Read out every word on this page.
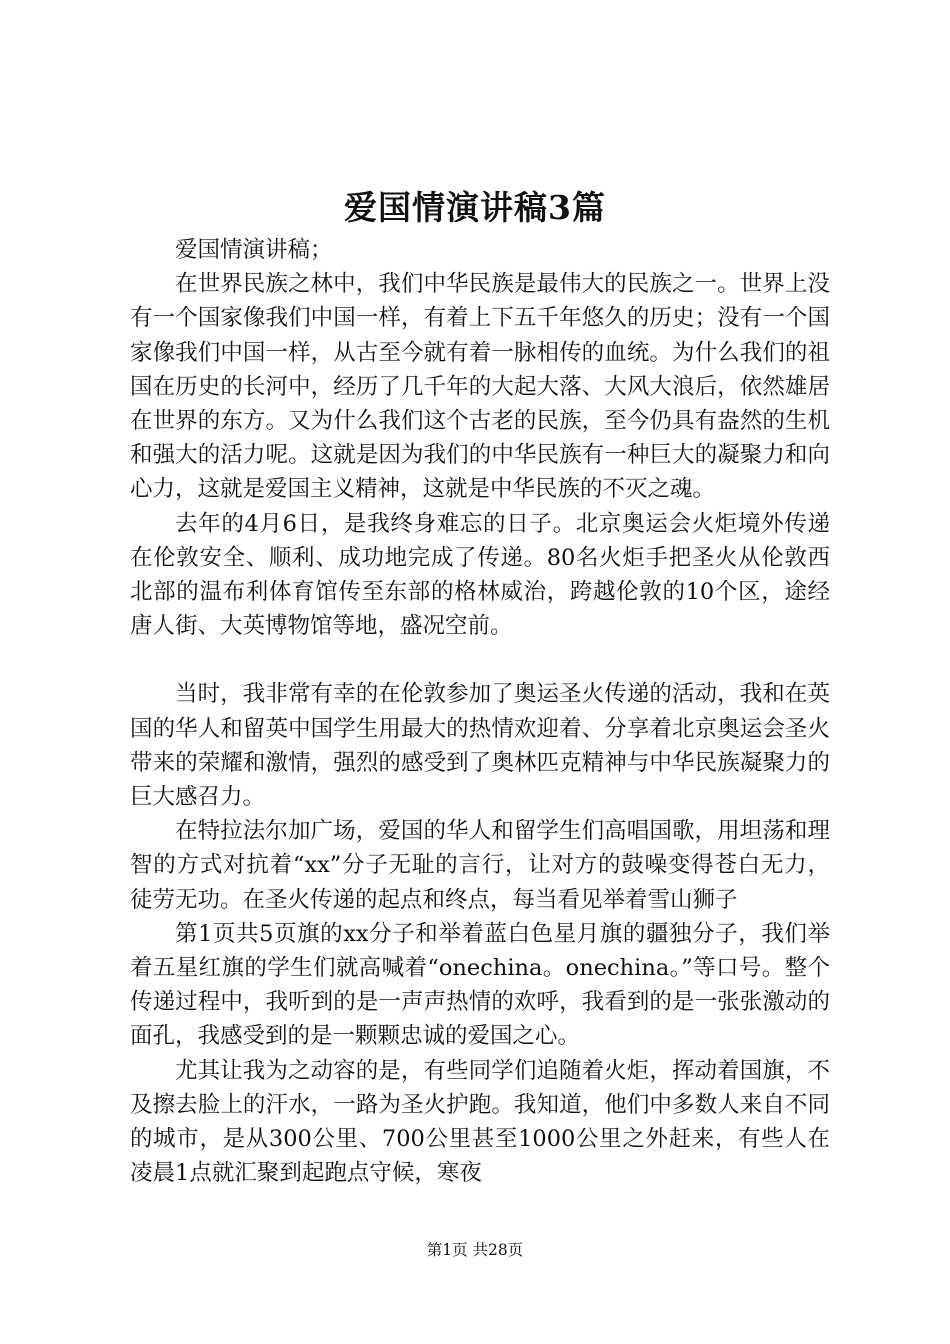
爱国情演讲稿3篇

爱国情演讲稿；

在世界民族之林中，我们中华民族是最伟大的民族之一。世界上没有一个国家像我们中国一样，有着上下五千年悠久的历史；没有一个国家像我们中国一样，从古至今就有着一脉相传的血统。为什么我们的祖国在历史的长河中，经历了几千年的大起大落、大风大浪后，依然雄居在世界的东方。又为什么我们这个古老的民族，至今仍具有盎然的生机和强大的活力呢。这就是因为我们的中华民族有一种巨大的凝聚力和向心力，这就是爱国主义精神，这就是中华民族的不灭之魂。

去年的4月6日，是我终身难忘的日子。北京奥运会火炬境外传递在伦敦安全、顺利、成功地完成了传递。80名火炬手把圣火从伦敦西北部的温布利体育馆传至东部的格林威治，跨越伦敦的10个区，途经唐人街、大英博物馆等地，盛况空前。

当时，我非常有幸的在伦敦参加了奥运圣火传递的活动，我和在英国的华人和留英中国学生用最大的热情欢迎着、分享着北京奥运会圣火带来的荣耀和激情，强烈的感受到了奥林匹克精神与中华民族凝聚力的巨大感召力。

在特拉法尔加广场，爱国的华人和留学生们高唱国歌，用坦荡和理智的方式对抗着“xx”分子无耻的言行，让对方的鼓噪变得苍白无力，徒劳无功。在圣火传递的起点和终点，每当看见举着雪山狮子

第1页共5页旗的xx分子和举着蓝白色星月旗的疆独分子，我们举着五星红旗的学生们就高喊着“onechina。onechina。”等口号。整个传递过程中，我听到的是一声声热情的欢呼，我看到的是一张张激动的面孔，我感受到的是一颗颗忠诚的爱国之心。

尤其让我为之动容的是，有些同学们追随着火炬，挥动着国旗，不及擦去脸上的汗水，一路为圣火护跑。我知道，他们中多数人来自不同的城市，是从300公里、700公里甚至1000公里之外赶来，有些人在凌晨1点就汇聚到起跑点守候，寒夜

第1页 共28页
